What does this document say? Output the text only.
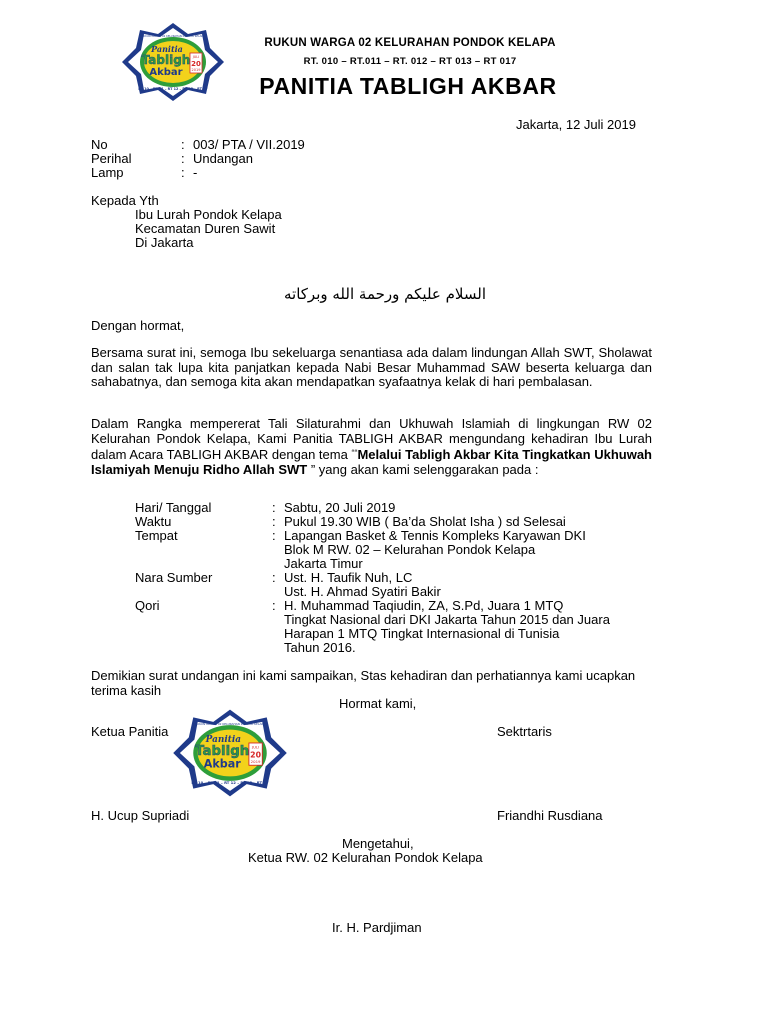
Panitia
Tabligh
Akbar
JULI
20
2019
RUKUN WARGA 02 KELURAHAN PONDOK KELAPA
RT 10 – RT 11 – RT 12 – RT 13 – RT 17
RUKUN WARGA 02 KELURAHAN PONDOK KELAPA
RT. 010 – RT.011 – RT. 012 – RT 013 – RT 017
PANITIA TABLIGH AKBAR
Jakarta, 12 Juli 2019
No	: 003/ PTA / VII.2019
Perihal	: Undangan
Lamp	: -
Kepada Yth
Ibu Lurah Pondok Kelapa
Kecamatan Duren Sawit
Di Jakarta
السلام عليكم ورحمة الله وبركاته
Dengan hormat,
Bersama surat ini, semoga Ibu sekeluarga senantiasa ada dalam lindungan Allah SWT, Sholawat dan salan tak lupa kita panjatkan kepada Nabi Besar Muhammad SAW beserta keluarga dan sahabatnya, dan semoga kita akan mendapatkan syafaatnya kelak di hari pembalasan.
Dalam Rangka mempererat Tali Silaturahmi dan Ukhuwah Islamiah di lingkungan RW 02 Kelurahan Pondok Kelapa, Kami Panitia TABLIGH AKBAR mengundang kehadiran Ibu Lurah dalam Acara TABLIGH AKBAR dengan tema ““Melalui Tabligh Akbar Kita Tingkatkan Ukhuwah Islamiyah Menuju Ridho Allah SWT ” yang akan kami selenggarakan pada :
Hari/ Tanggal	: Sabtu, 20 Juli 2019
Waktu	: Pukul 19.30 WIB ( Ba’da Sholat Isha ) sd Selesai
Tempat	: Lapangan Basket & Tennis Kompleks Karyawan DKI
Blok M RW. 02 – Kelurahan Pondok Kelapa
Jakarta Timur
Nara Sumber	: Ust. H. Taufik Nuh, LC
Ust. H. Ahmad Syatiri Bakir
Qori	: H. Muhammad Taqiudin, ZA, S.Pd, Juara 1 MTQ
Tingkat Nasional dari DKI Jakarta Tahun 2015 dan Juara
Harapan 1 MTQ Tingkat Internasional di Tunisia
Tahun 2016.
Demikian surat undangan ini kami sampaikan, Stas kehadiran dan perhatiannya kami ucapkan terima kasih
Hormat kami,
Ketua Panitia	Sektrtaris
Panitia
Tabligh
Akbar
JULI
20
2019
RUKUN WARGA 02 KELURAHAN PONDOK KELAPA
RT 10 – RT 11 – RT 12 – RT 13 – RT 17
H. Ucup Supriadi	Friandhi Rusdiana
Mengetahui,
Ketua RW. 02 Kelurahan Pondok Kelapa
Ir. H. Pardjiman
